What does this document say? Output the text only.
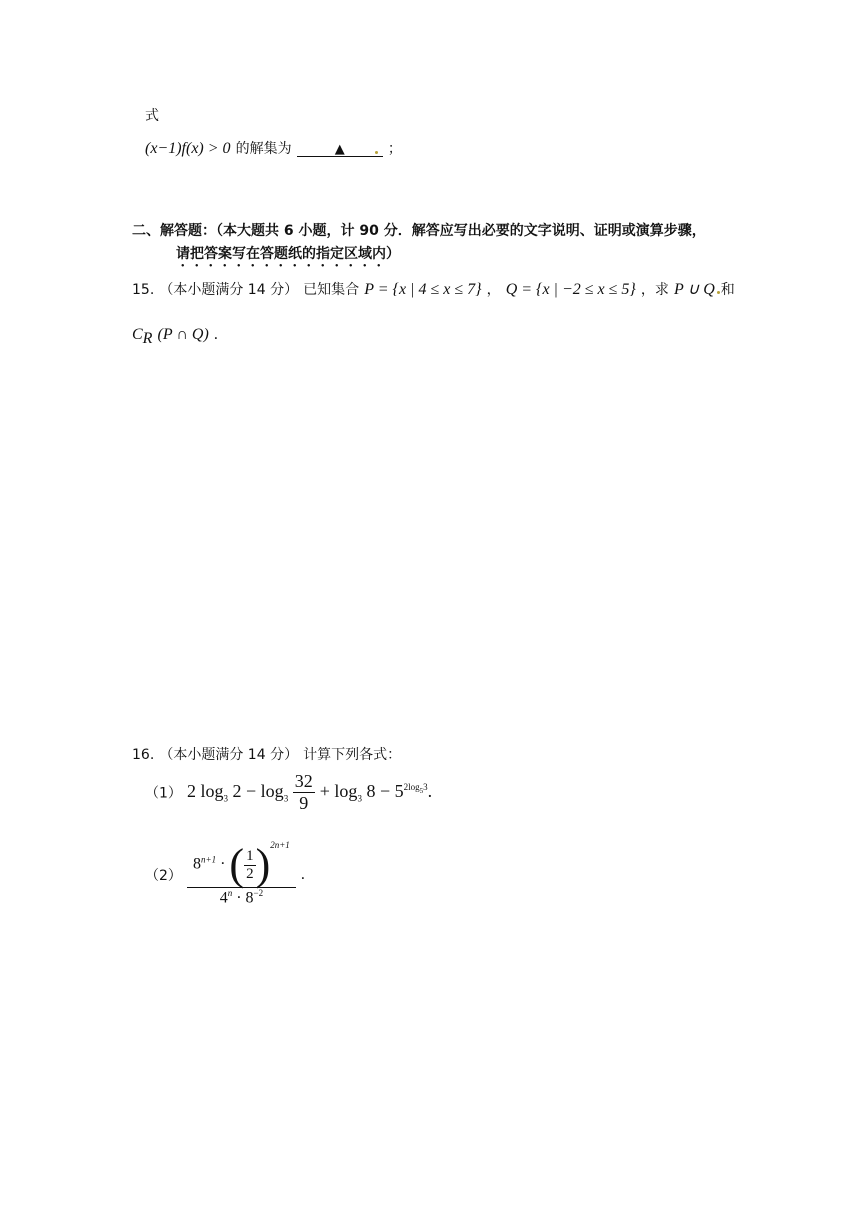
式
(x−1)f(x) > 0 的解集为	▲	；
二、解答题：（本大题共 6 小题，计 90 分．解答应写出必要的文字说明、证明或演算步骤，
请把答案写在答题纸的指定区域内）
15. （本小题满分 14 分） 已知集合 P = {x | 4 ≤ x ≤ 7} ， Q = {x | −2 ≤ x ≤ 5} ，求 P ∪ Q 和
$C_R$ (P ∩ Q) .
16. （本小题满分 14 分） 计算下列各式：
（1） 2 $\log_3 2 - \log_3 \frac{32}{9} + \log_3 8 - 5^{2log_53}$.
$(2) \frac{8^{n+1} \cdot ( \frac{1}{2} )^{2n+1}}{4^n \cdot 8^{-2}}$ .
